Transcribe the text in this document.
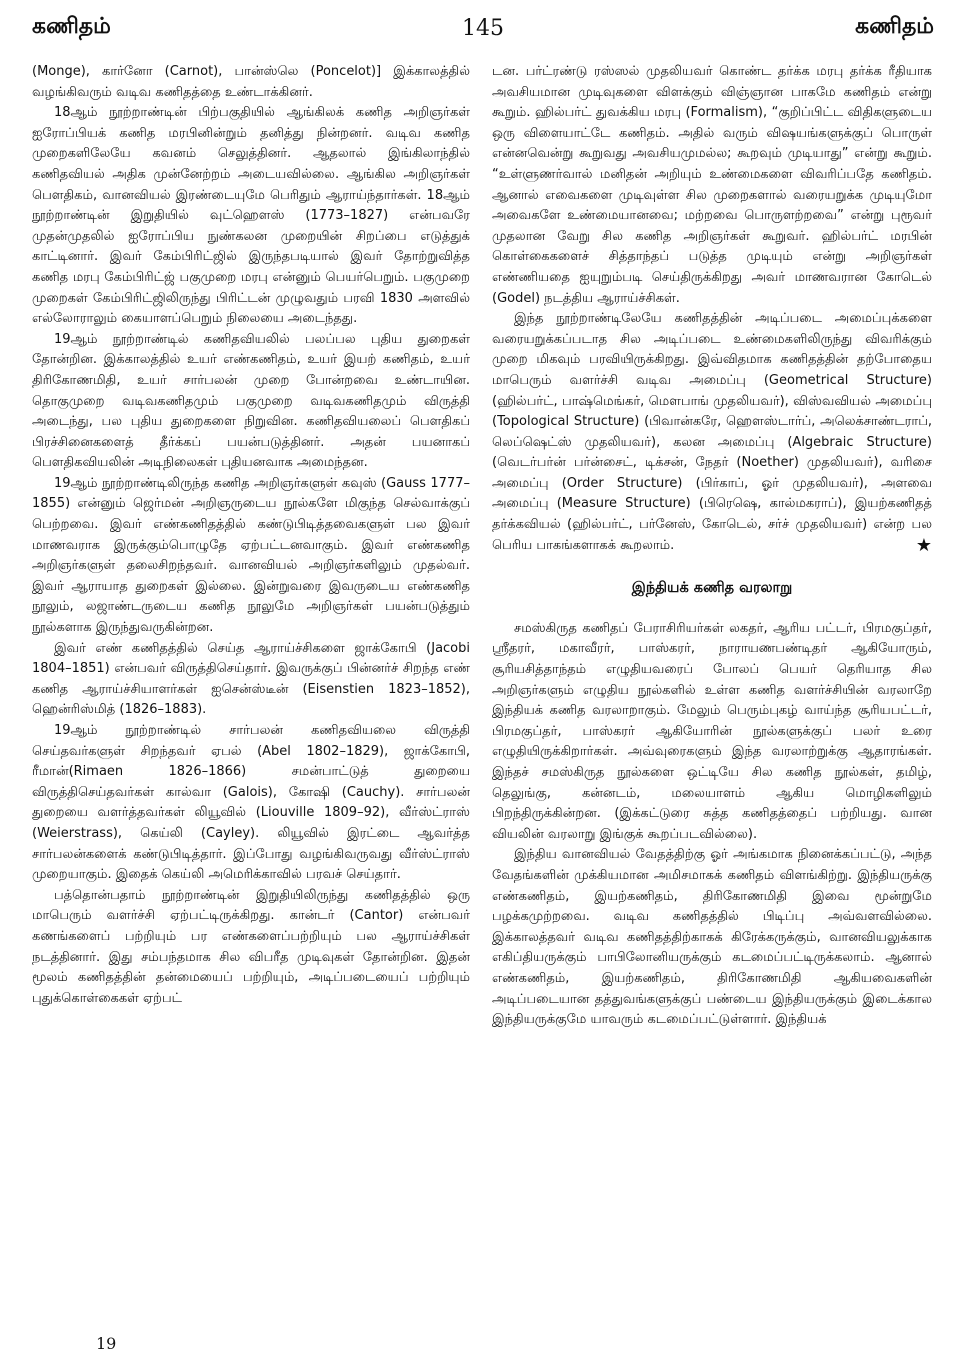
கணிதம்	145	கணிதம்

(Monge), கார்னோ (Carnot), பான்ஸ்லெ (Poncelot)] இக்காலத்தில் வழங்கிவரும் வடிவ கணிதத்தை உண்டாக்கினர்.

18ஆம் நூற்றாண்டின் பிற்பகுதியில் ஆங்கிலக் கணித அறிஞர்கள் ஐரோப்பியக் கணித மரபினின்றும் தனித்து நின்றனர். வடிவ கணித முறைகளிலேயே கவனம் செலுத்தினர். ஆதலால் இங்கிலாந்தில் கணிதவியல் அதிக முன்னேற்றம் அடையவில்லை. ஆங்கில அறிஞர்கள் பௌதிகம், வானவியல் இரண்டையுமே பெரிதும் ஆராய்ந்தார்கள். 18ஆம் நூற்றாண்டின் இறுதியில் வுட்ஹௌஸ் (1773–1827) என்பவரே முதன்முதலில் ஐரோப்பிய நுண்கலன முறையின் சிறப்பை எடுத்துக் காட்டினார். இவர் கேம்பிரிட்ஜில் இருந்தபடியால் இவர் தோற்றுவித்த கணித மரபு கேம்பிரிட்ஜ் பகுமுறை மரபு என்னும் பெயர்பெறும். பகுமுறை முறைகள் கேம்பிரிட்ஜிலிருந்து பிரிட்டன் முழுவதும் பரவி 1830 அளவில் எல்லோராலும் கையாளப்பெறும் நிலையை அடைந்தது.

19ஆம் நூற்றாண்டில் கணிதவியலில் பலப்பல புதிய துறைகள் தோன்றின. இக்காலத்தில் உயர் எண்கணிதம், உயர் இயற் கணிதம், உயர் திரிகோணமிதி, உயர் சார்பலன் முறை போன்றவை உண்டாயின. தொகுமுறை வடிவகணிதமும் பகுமுறை வடிவகணிதமும் விருத்தி அடைந்து, பல புதிய துறைகளை நிறுவின. கணிதவியலைப் பௌதிகப் பிரச்சினைகளைத் தீர்க்கப் பயன்படுத்தினர். அதன் பயனாகப் பௌதிகவியலின் அடிநிலைகள் புதியனவாக அமைந்தன.

19ஆம் நூற்றாண்டிலிருந்த கணித அறிஞர்களுள் கவுஸ் (Gauss 1777–1855) என்னும் ஜெர்மன் அறிஞருடைய நூல்களே மிகுந்த செல்வாக்குப் பெற்றவை. இவர் எண்கணிதத்தில் கண்டுபிடித்தவைகளுள் பல இவர் மாணவராக இருக்கும்பொழுதே ஏற்பட்டனவாகும். இவர் எண்கணித அறிஞர்களுள் தலைசிறந்தவர். வானவியல் அறிஞர்களிலும் முதல்வர். இவர் ஆராயாத துறைகள் இல்லை. இன்றுவரை இவருடைய எண்கணித நூலும், லஜாண்டருடைய கணித நூலுமே அறிஞர்கள் பயன்படுத்தும் நூல்களாக இருந்துவருகின்றன.

இவர் எண் கணிதத்தில் செய்த ஆராய்ச்சிகளை ஜாக்கோபி (Jacobi 1804–1851) என்பவர் விருத்திசெய்தார். இவருக்குப் பின்னர்ச் சிறந்த எண் கணித ஆராய்ச்சியாளர்கள் ஐசென்ஸ்டீன் (Eisenstien 1823–1852), ஹென்ரிஸ்மித் (1826–1883).

19ஆம் நூற்றாண்டில் சார்பலன் கணிதவியலை விருத்தி செய்தவர்களுள் சிறந்தவர் ஏபல் (Abel 1802–1829), ஜாக்கோபி, ரீமான்(Rimaen 1826–1866) சமன்பாட்டுத் துறையை விருத்திசெய்தவர்கள் கால்வா (Galois), கோஷி (Cauchy). சார்பலன் துறையை வளர்த்தவர்கள் லியூவில் (Liouville 1809–92), வீர்ஸ்ட்ராஸ் (Weierstrass), கெய்லி (Cayley). லியூவில் இரட்டை ஆவர்த்த சார்பலன்களைக் கண்டுபிடித்தார். இப்போது வழங்கிவருவது வீர்ஸ்ட்ராஸ் முறையாகும். இதைக் கெய்லி அமெரிக்காவில் பரவச் செய்தார்.

பத்தொன்பதாம் நூற்றாண்டின் இறுதியிலிருந்து கணிதத்தில் ஒரு மாபெரும் வளர்ச்சி ஏற்பட்டிருக்கிறது. கான்டர் (Cantor) என்பவர் கணங்களைப் பற்றியும் பர எண்களைப்பற்றியும் பல ஆராய்ச்சிகள் நடத்தினார். இது சம்பந்தமாக சில விபரீத முடிவுகள் தோன்றின. இதன் மூலம் கணிதத்தின் தன்மையைப் பற்றியும், அடிப்படையைப் பற்றியும் புதுக்கொள்கைகள் ஏற்பட்

டன. பர்ட்ரண்டு ரஸ்ஸல் முதலியவர் கொண்ட தர்க்க மரபு தர்க்க ரீதியாக அவசியமான முடிவுகளை விளக்கும் விஞ்ஞான பாகமே கணிதம் என்று கூறும். ஹில்பர்ட் துவக்கிய மரபு (Formalism), “குறிப்பிட்ட விதிகளுடைய ஒரு விளையாட்டே கணிதம். அதில் வரும் விஷயங்களுக்குப் பொருள் என்னவென்று கூறுவது அவசியமுமல்ல; கூறவும் முடியாது” என்று கூறும். “உள்ளுணர்வால் மனிதன் அறியும் உண்மைகளை விவரிப்பதே கணிதம். ஆனால் எவைகளை முடிவுள்ள சில முறைகளால் வரையறுக்க முடியுமோ அவைகளே உண்மையானவை; மற்றவை பொருளற்றவை” என்று புரூவர் முதலான வேறு சில கணித அறிஞர்கள் கூறுவர். ஹில்பர்ட் மரபின் கொள்கைகளைச் சித்தாந்தப் படுத்த முடியும் என்று அறிஞர்கள் எண்ணியதை ஐயுறும்படி செய்திருக்கிறது அவர் மாணவரான கோடெல் (Godel) நடத்திய ஆராய்ச்சிகள்.

இந்த நூற்றாண்டிலேயே கணிதத்தின் அடிப்படை அமைப்புக்களை வரையறுக்கப்படாத சில அடிப்படை உண்மைகளிலிருந்து விவரிக்கும் முறை மிகவும் பரவியிருக்கிறது. இவ்விதமாக கணிதத்தின் தற்போதைய மாபெரும் வளர்ச்சி வடிவ அமைப்பு (Geometrical Structure) (ஹில்பர்ட், பாஷ்மெங்கர், மௌபாங் முதலியவர்), விஸ்வவியல் அமைப்பு (Topological Structure) (பிவான்கரே, ஹௌஸ்டார்ப், அலெக்சாண்டராப், லெப்ஷெட்ஸ் முதலியவர்), கலன அமைப்பு (Algebraic Structure) (வெடர்பர்ன் பர்ன்சைட், டிக்சன், நேதர் (Noether) முதலியவர்), வரிசை அமைப்பு (Order Structure) (பிர்காப், ஓர் முதலியவர்), அளவை அமைப்பு (Measure Structure) (பிரெஷெ, கால்மகராப்), இயற்கணிதத் தர்க்கவியல் (ஹில்பர்ட், பர்னேஸ், கோடெல், சர்ச் முதலியவர்) என்ற பல பெரிய பாகங்களாகக் கூறலாம்.	★

இந்தியக் கணித வரலாறு

சமஸ்கிருத கணிதப் பேராசிரியர்கள் லகதர், ஆரிய பட்டர், பிரமகுப்தர், ஸ்ரீதரர், மகாவீரர், பாஸ்கரர், நாராயணபண்டிதர் ஆகியோரும், சூரியசித்தாந்தம் எழுதியவரைப் போலப் பெயர் தெரியாத சில அறிஞர்களும் எழுதிய நூல்களில் உள்ள கணித வளர்ச்சியின் வரலாறே இந்தியக் கணித வரலாறாகும். மேலும் பெரும்புகழ் வாய்ந்த சூரியபட்டர், பிரமகுப்தர், பாஸ்கரர் ஆகியோரின் நூல்களுக்குப் பலர் உரை எழுதியிருக்கிறார்கள். அவ்வுரைகளும் இந்த வரலாற்றுக்கு ஆதாரங்கள். இந்தச் சமஸ்கிருத நூல்களை ஒட்டியே சில கணித நூல்கள், தமிழ், தெலுங்கு, கன்னடம், மலையாளம் ஆகிய மொழிகளிலும் பிறந்திருக்கின்றன. (இக்கட்டுரை சுத்த கணிதத்தைப் பற்றியது. வான வியலின் வரலாறு இங்குக் கூறப்படவில்லை).

இந்திய வானவியல் வேதத்திற்கு ஓர் அங்கமாக நினைக்கப்பட்டு, அந்த வேதங்களின் முக்கியமான அமிசமாகக் கணிதம் விளங்கிற்று. இந்தியருக்கு எண்கணிதம், இயற்கணிதம், திரிகோணமிதி இவை மூன்றுமே பழக்கமுற்றவை. வடிவ கணிதத்தில் பிடிப்பு அவ்வளவில்லை. இக்காலத்தவர் வடிவ கணிதத்திற்காகக் கிரேக்கருக்கும், வானவியலுக்காக எகிப்தியருக்கும் பாபிலோனியருக்கும் கடமைப்பட்டிருக்கலாம். ஆனால் எண்கணிதம், இயற்கணிதம், திரிகோணமிதி ஆகியவைகளின் அடிப்படையான தத்துவங்களுக்குப் பண்டைய இந்தியருக்கும் இடைக்கால இந்தியருக்குமே யாவரும் கடமைப்பட்டுள்ளார். இந்தியக்

19
